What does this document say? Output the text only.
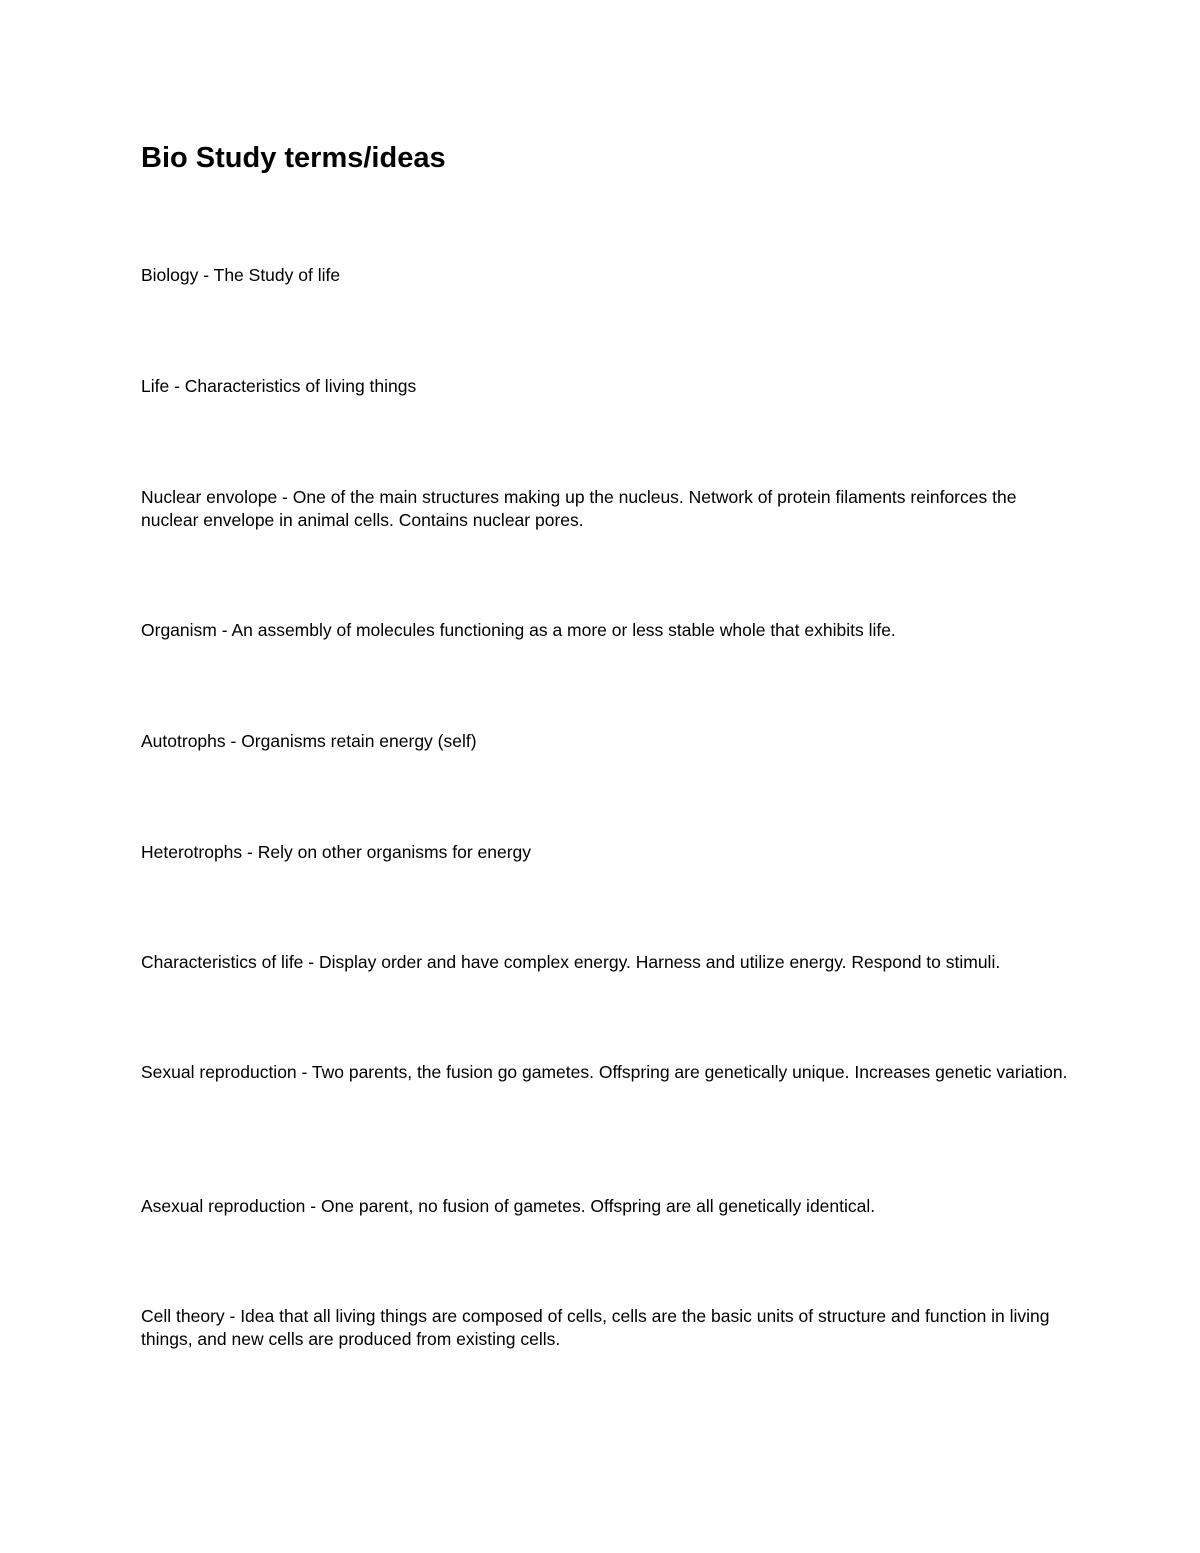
Bio Study terms/ideas

Biology - The Study of life

Life - Characteristics of living things

Nuclear envolope - One of the main structures making up the nucleus. Network of protein filaments reinforces the nuclear envelope in animal cells. Contains nuclear pores.

Organism - An assembly of molecules functioning as a more or less stable whole that exhibits life.

Autotrophs - Organisms retain energy (self)

Heterotrophs - Rely on other organisms for energy

Characteristics of life - Display order and have complex energy. Harness and utilize energy. Respond to stimuli.

Sexual reproduction - Two parents, the fusion go gametes. Offspring are genetically unique. Increases genetic variation.

Asexual reproduction - One parent, no fusion of gametes. Offspring are all genetically identical.

Cell theory - Idea that all living things are composed of cells, cells are the basic units of structure and function in living things, and new cells are produced from existing cells.
